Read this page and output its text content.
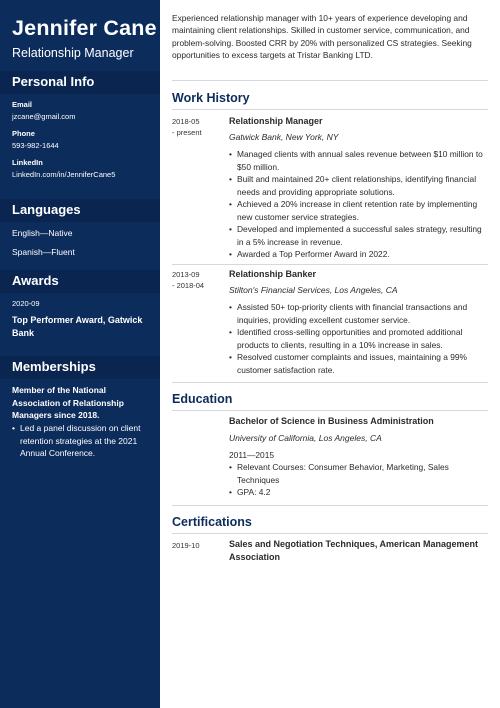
Jennifer Cane
Relationship Manager
Personal Info
Email
jzcane@gmail.com
Phone
593-982-1644
LinkedIn
LinkedIn.com/in/JenniferCane5
Languages
English—Native
Spanish—Fluent
Awards
2020-09
Top Performer Award, Gatwick Bank
Memberships
Member of the National Association of Relationship Managers since 2018.
• Led a panel discussion on client retention strategies at the 2021 Annual Conference.
Experienced relationship manager with 10+ years of experience developing and maintaining client relationships. Skilled in customer service, communication, and problem-solving. Boosted CRR by 20% with personalized CS strategies. Seeking opportunities to excess targets at Tristar Banking LTD.
Work History
2018-05
- present
Relationship Manager
Gatwick Bank, New York, NY
• Managed clients with annual sales revenue between $10 million to $50 million.
• Built and maintained 20+ client relationships, identifying financial needs and providing appropriate solutions.
• Achieved a 20% increase in client retention rate by implementing new customer service strategies.
• Developed and implemented a successful sales strategy, resulting in a 5% increase in revenue.
• Awarded a Top Performer Award in 2022.
2013-09
- 2018-04
Relationship Banker
Stilton's Financial Services, Los Angeles, CA
• Assisted 50+ top-priority clients with financial transactions and inquiries, providing excellent customer service.
• Identified cross-selling opportunities and promoted additional products to clients, resulting in a 10% increase in sales.
• Resolved customer complaints and issues, maintaining a 99% customer satisfaction rate.
Education
Bachelor of Science in Business Administration
University of California, Los Angeles, CA
2011—2015
• Relevant Courses: Consumer Behavior, Marketing, Sales Techniques
• GPA: 4.2
Certifications
2019-10	Sales and Negotiation Techniques, American Management Association
